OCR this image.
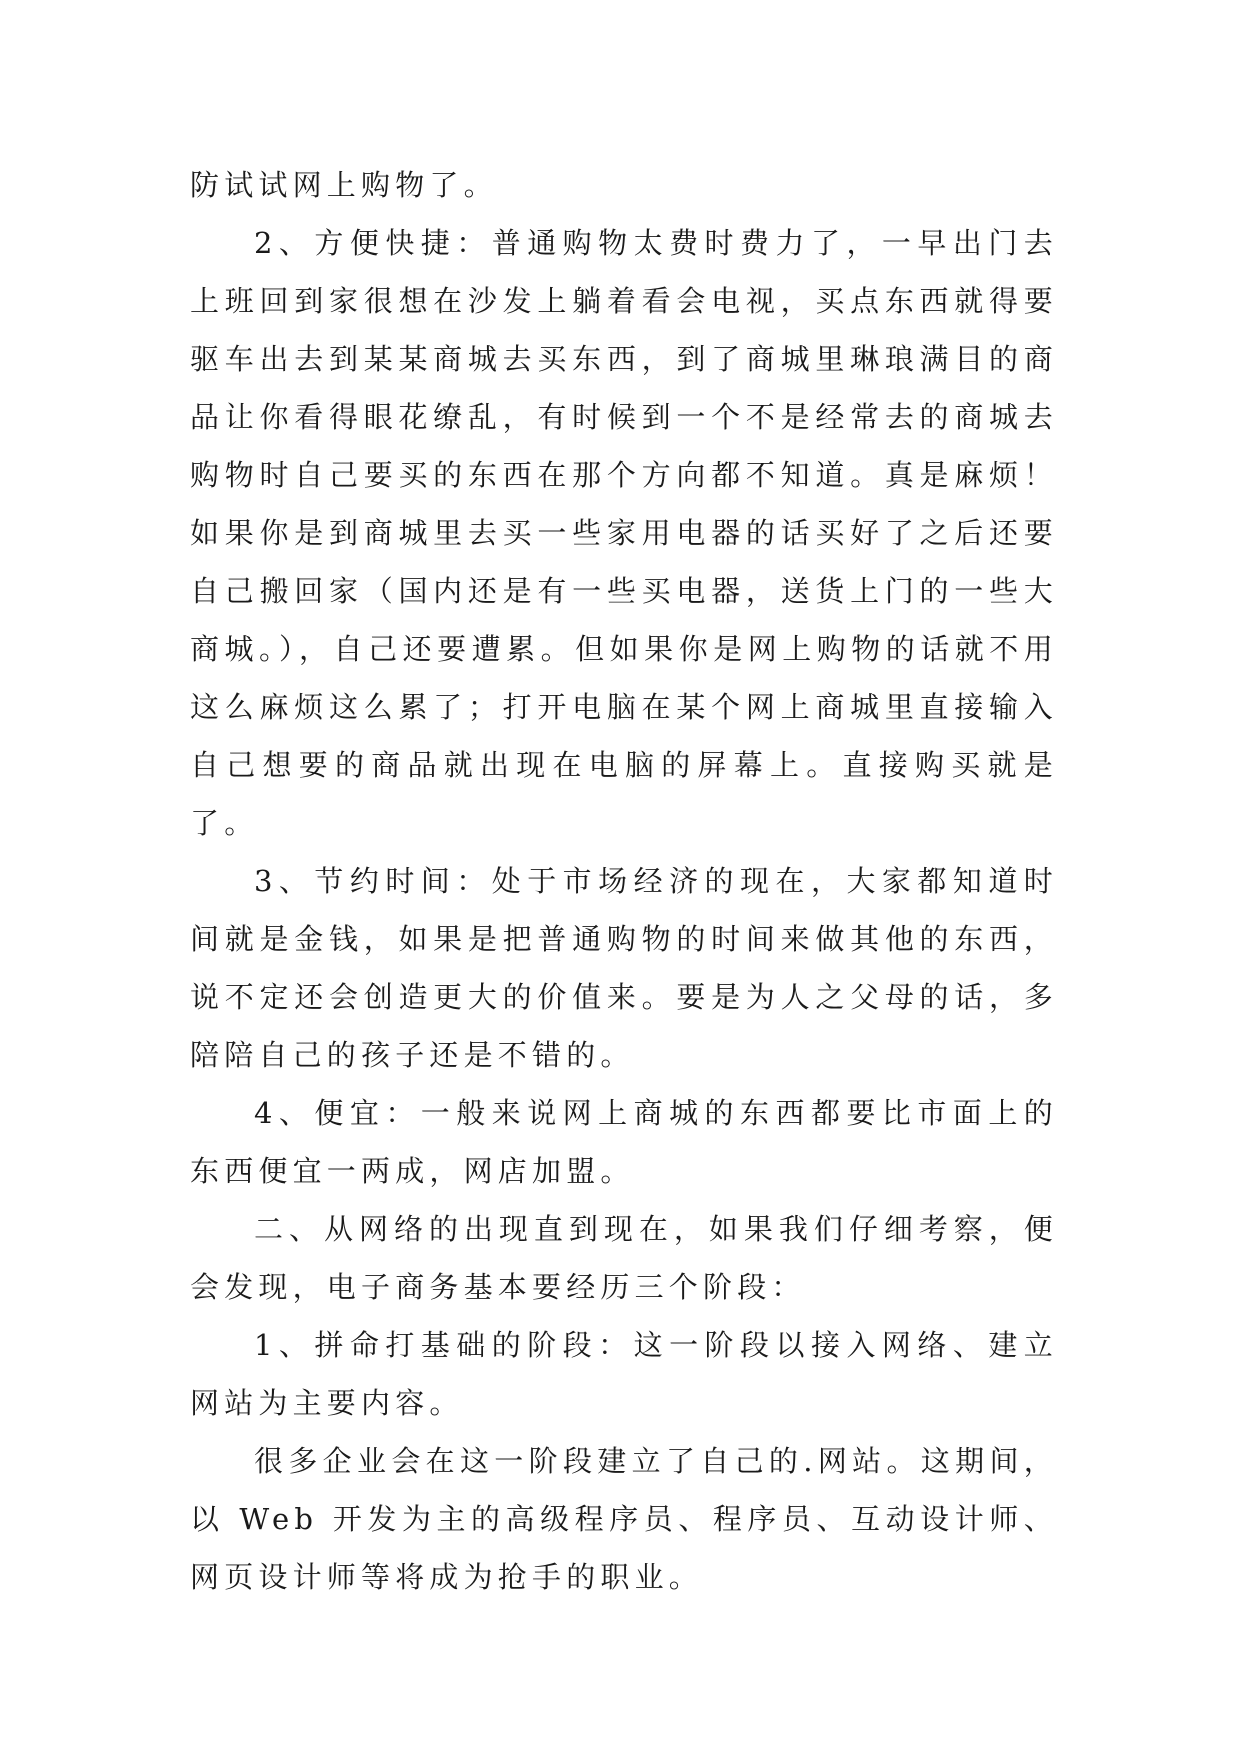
防试试网上购物了。

2、方便快捷：普通购物太费时费力了，一早出门去上班回到家很想在沙发上躺着看会电视，买点东西就得要驱车出去到某某商城去买东西，到了商城里琳琅满目的商品让你看得眼花缭乱，有时候到一个不是经常去的商城去购物时自己要买的东西在那个方向都不知道。真是麻烦！如果你是到商城里去买一些家用电器的话买好了之后还要自己搬回家（国内还是有一些买电器，送货上门的一些大商城。），自己还要遭累。但如果你是网上购物的话就不用这么麻烦这么累了；打开电脑在某个网上商城里直接输入自己想要的商品就出现在电脑的屏幕上。直接购买就是了。

3、节约时间：处于市场经济的现在，大家都知道时间就是金钱，如果是把普通购物的时间来做其他的东西，说不定还会创造更大的价值来。要是为人之父母的话，多陪陪自己的孩子还是不错的。

4、便宜：一般来说网上商城的东西都要比市面上的东西便宜一两成，网店加盟。

二、从网络的出现直到现在，如果我们仔细考察，便会发现，电子商务基本要经历三个阶段：

1、拼命打基础的阶段：这一阶段以接入网络、建立网站为主要内容。

很多企业会在这一阶段建立了自己的.网站。这期间，以 Web 开发为主的高级程序员、程序员、互动设计师、网页设计师等将成为抢手的职业。
